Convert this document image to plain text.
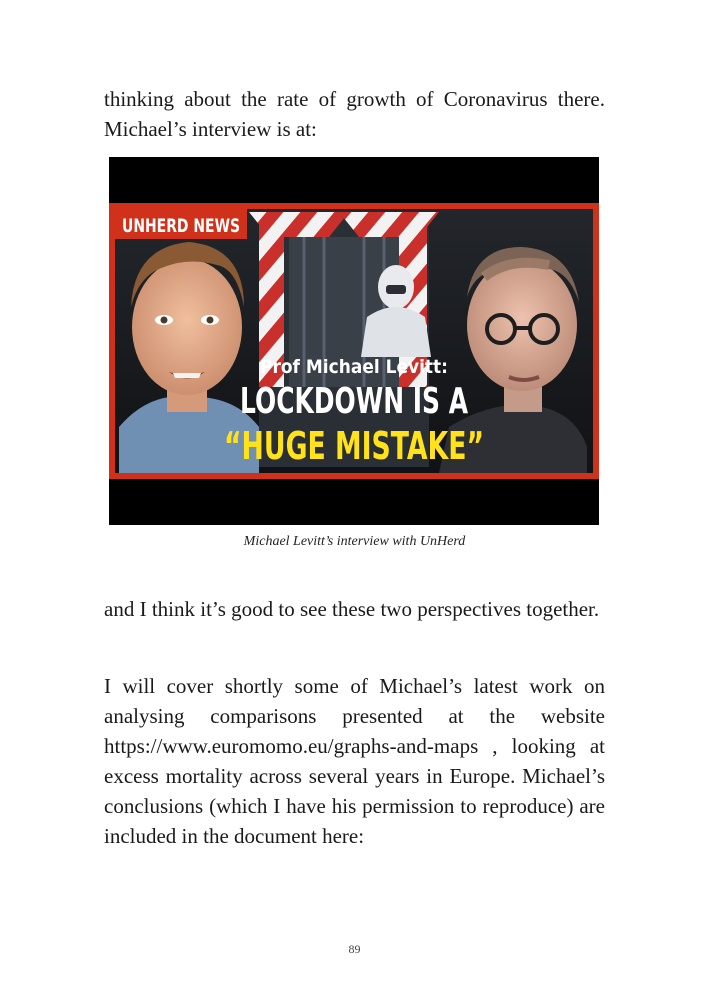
thinking about the rate of growth of Coronavirus there. Michael’s interview is at:

UNHERD NEWS
Prof Michael Levitt:
LOCKDOWN IS A
“HUGE MISTAKE”
Michael Levitt’s interview with UnHerd

and I think it’s good to see these two perspectives together.

I will cover shortly some of Michael’s latest work on analysing comparisons presented at the website https://www.euromomo.eu/graphs-and-maps , looking at excess mortality across several years in Europe. Michael’s conclusions (which I have his permission to reproduce) are included in the document here:

89
